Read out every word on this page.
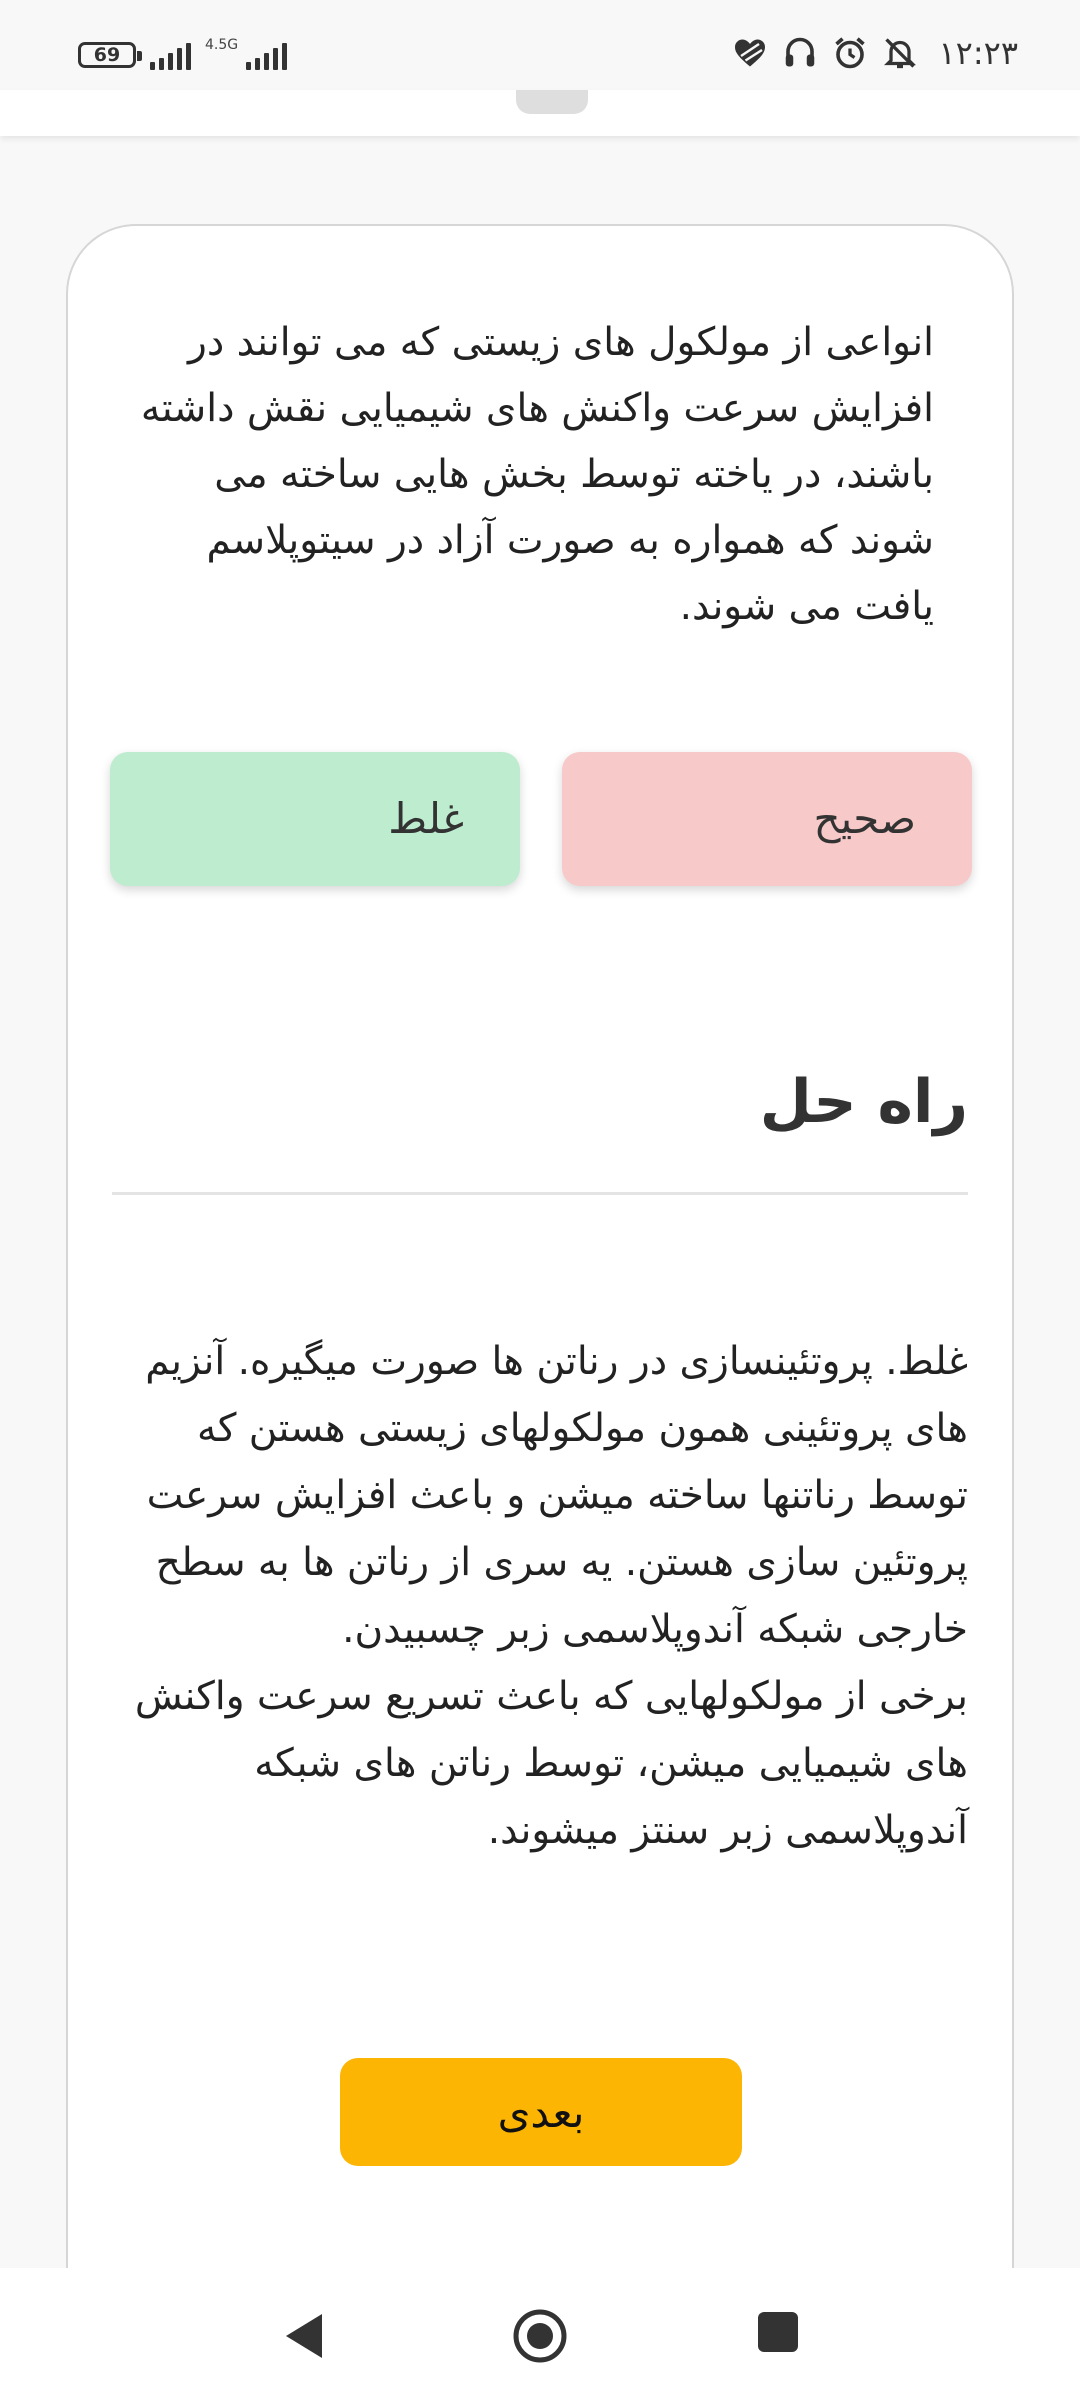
69	4.5G	۱۲:۲۳

انواعی از مولکول های زیستی که می توانند در افزایش سرعت واکنش های شیمیایی نقش داشته باشند، در یاخته توسط بخش هایی ساخته می شوند که همواره به صورت آزاد در سیتوپلاسم یافت می شوند.

صحیح
غلط
راه حل

غلط. پروتئینسازی در رناتن ها صورت میگیره. آنزیم های پروتئینی همون مولکولهای زیستی هستن که توسط رناتنها ساخته میشن و باعث افزایش سرعت پروتئین سازی هستن. یه سری از رناتن ها به سطح خارجی شبکه آندوپلاسمی زبر چسبیدن.
برخی از مولکولهایی که باعث تسریع سرعت واکنش های شیمیایی میشن، توسط رناتن های شبکه آندوپلاسمی زبر سنتز میشوند.

بعدی
